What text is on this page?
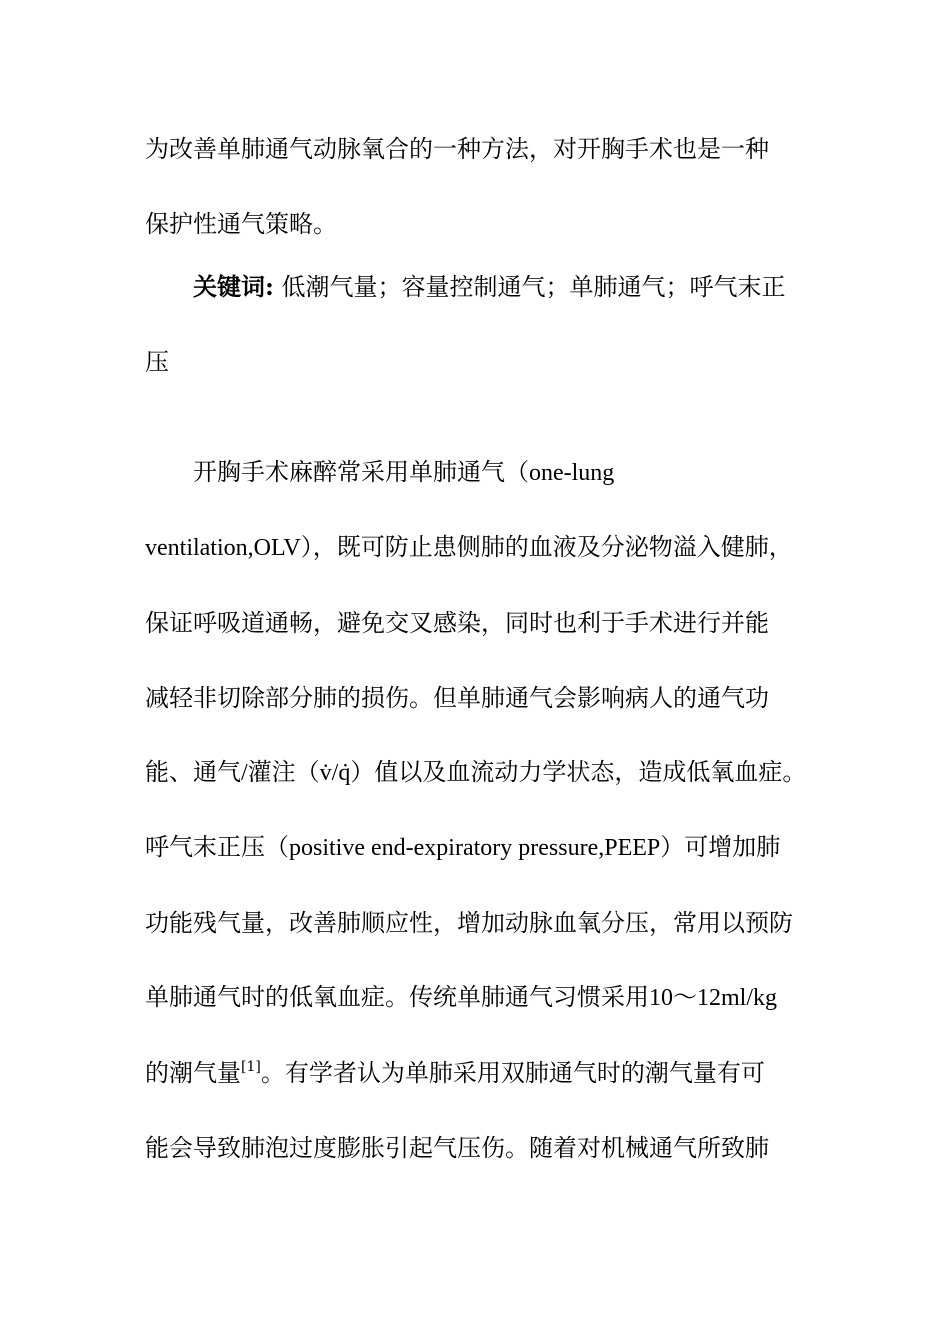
为改善单肺通气动脉氧合的一种方法，对开胸手术也是一种
保护性通气策略。
关键词: 低潮气量；容量控制通气；单肺通气；呼气末正
压
开胸手术麻醉常采用单肺通气（one-lung
ventilation,OLV），既可防止患侧肺的血液及分泌物溢入健肺，
保证呼吸道通畅，避免交叉感染，同时也利于手术进行并能
减轻非切除部分肺的损伤。但单肺通气会影响病人的通气功
能、通气/灌注（v̇/q̇）值以及血流动力学状态，造成低氧血症。
呼气末正压（positive end-expiratory pressure,PEEP）可增加肺
功能残气量，改善肺顺应性，增加动脉血氧分压，常用以预防
单肺通气时的低氧血症。传统单肺通气习惯采用10～12ml/kg
的潮气量[1]。有学者认为单肺采用双肺通气时的潮气量有可
能会导致肺泡过度膨胀引起气压伤。随着对机械通气所致肺
